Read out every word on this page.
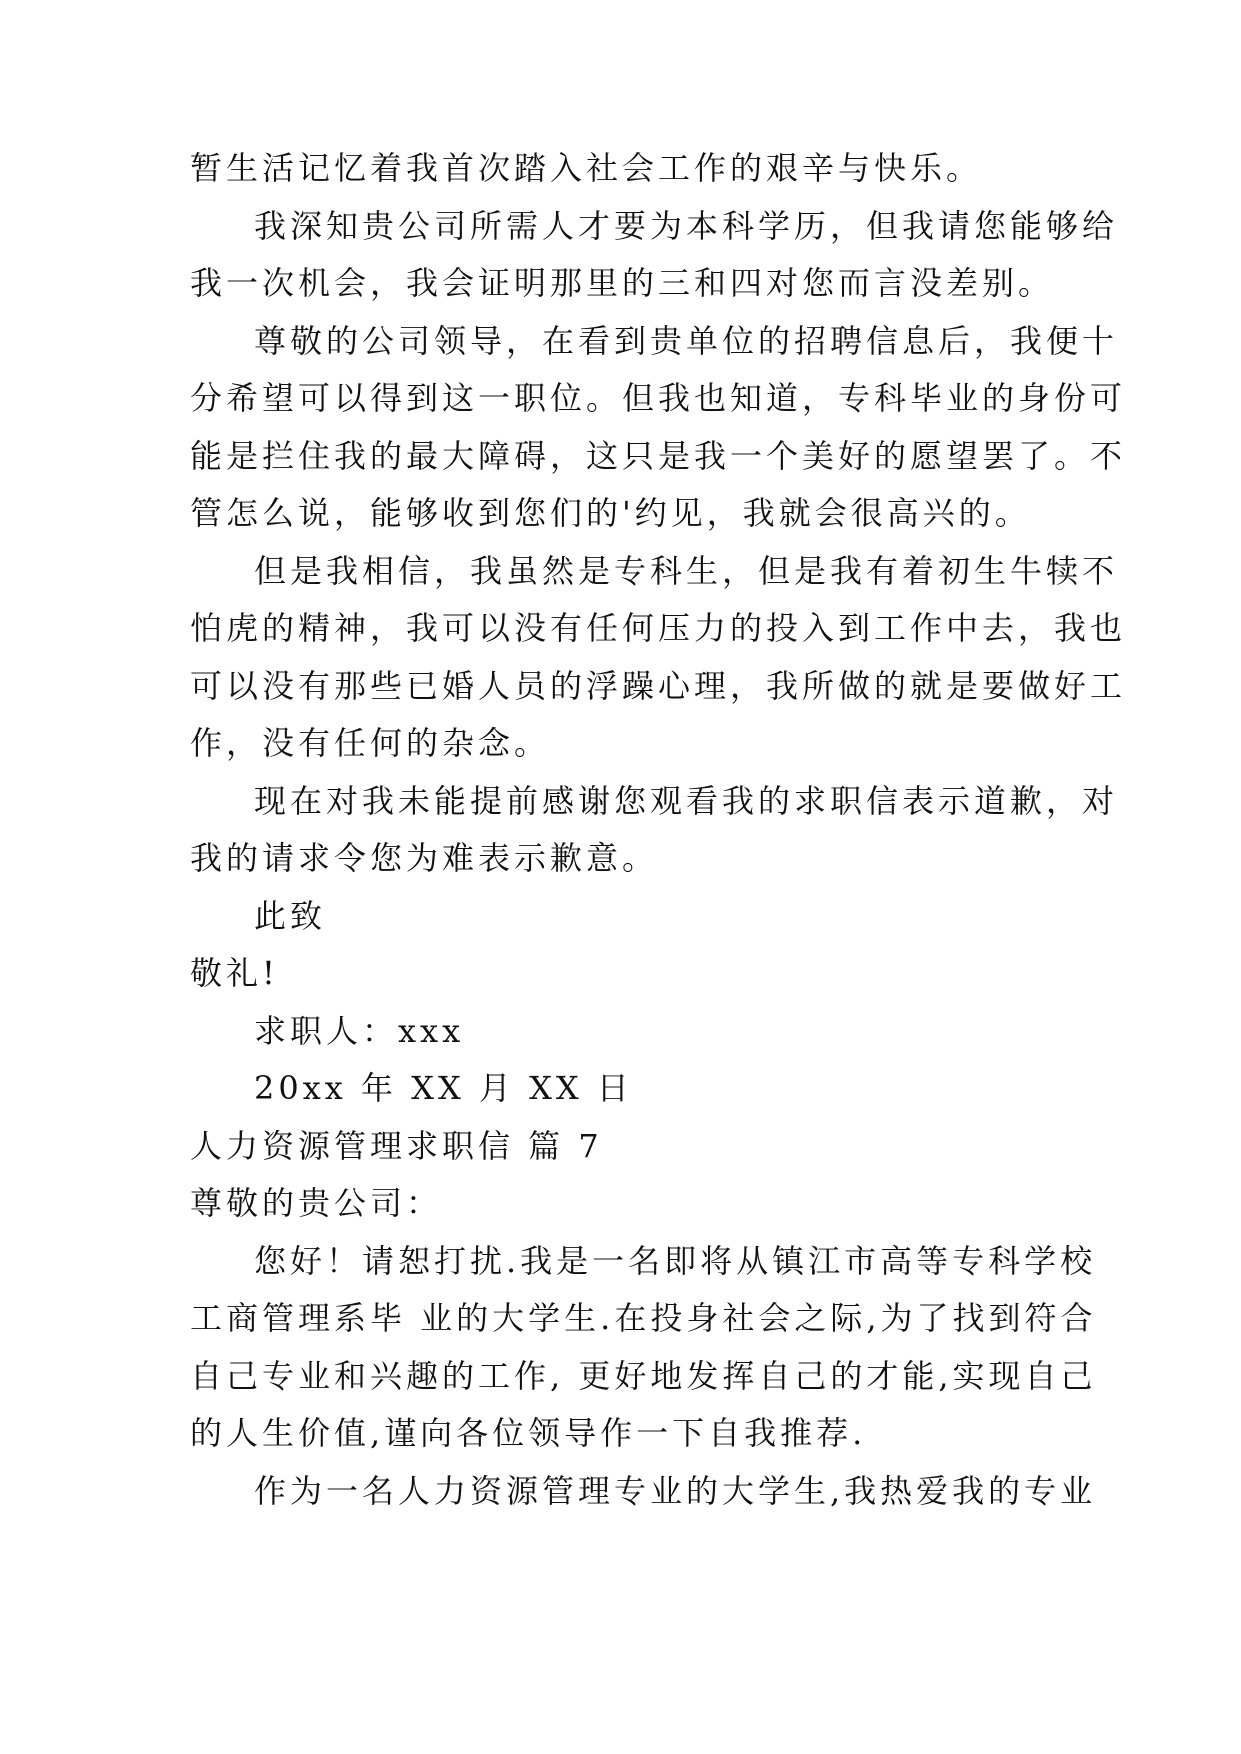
暂生活记忆着我首次踏入社会工作的艰辛与快乐。
我深知贵公司所需人才要为本科学历，但我请您能够给
我一次机会，我会证明那里的三和四对您而言没差别。
尊敬的公司领导，在看到贵单位的招聘信息后，我便十
分希望可以得到这一职位。但我也知道，专科毕业的身份可
能是拦住我的最大障碍，这只是我一个美好的愿望罢了。不
管怎么说，能够收到您们的'约见，我就会很高兴的。
但是我相信，我虽然是专科生，但是我有着初生牛犊不
怕虎的精神，我可以没有任何压力的投入到工作中去，我也
可以没有那些已婚人员的浮躁心理，我所做的就是要做好工
作，没有任何的杂念。
现在对我未能提前感谢您观看我的求职信表示道歉，对
我的请求令您为难表示歉意。
此致
敬礼!
求职人：xxx
20xx 年 XX 月 XX 日
人力资源管理求职信 篇 7
尊敬的贵公司：
您好！请恕打扰.我是一名即将从镇江市高等专科学校
工商管理系毕 业的大学生.在投身社会之际,为了找到符合
自己专业和兴趣的工作, 更好地发挥自己的才能,实现自己
的人生价值,谨向各位领导作一下自我推荐.
作为一名人力资源管理专业的大学生,我热爱我的专业
